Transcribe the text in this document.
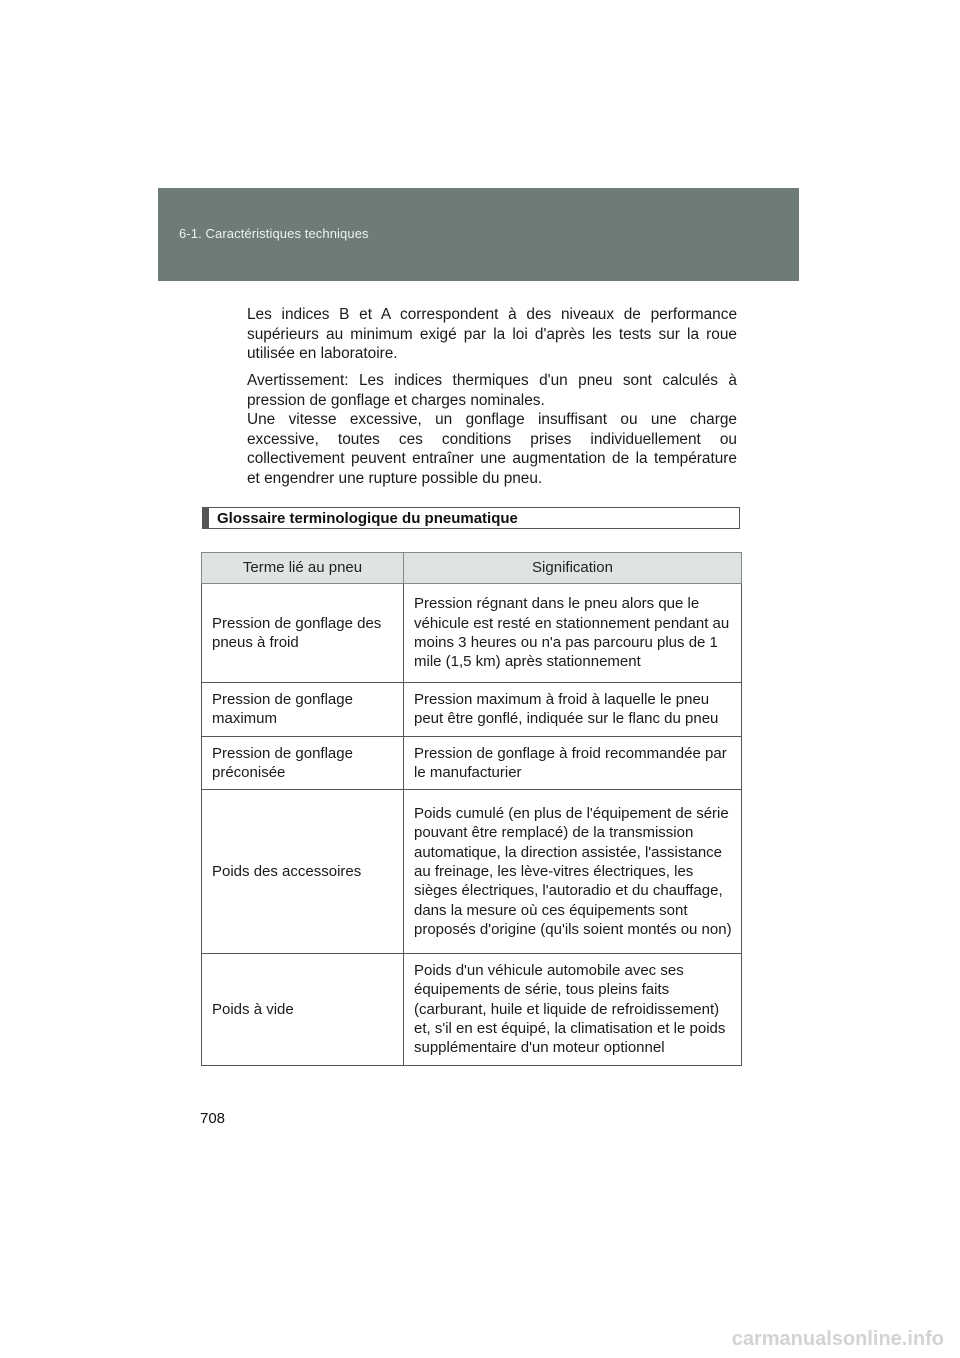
6-1. Caractéristiques techniques

Les indices B et A correspondent à des niveaux de performance supérieurs au minimum exigé par la loi d'après les tests sur la roue utilisée en laboratoire.

Avertissement: Les indices thermiques d'un pneu sont calculés à pression de gonflage et charges nominales.
Une vitesse excessive, un gonflage insuffisant ou une charge excessive, toutes ces conditions prises individuellement ou collectivement peuvent entraîner une augmentation de la température et engendrer une rupture possible du pneu.
Glossaire terminologique du pneumatique
Terme lié au pneu	Signification
Pression de gonflage des pneus à froid	Pression régnant dans le pneu alors que le véhicule est resté en stationnement pendant au moins 3 heures ou n'a pas parcouru plus de 1 mile (1,5 km) après stationnement
Pression de gonflage maximum	Pression maximum à froid à laquelle le pneu peut être gonflé, indiquée sur le flanc du pneu
Pression de gonflage préconisée	Pression de gonflage à froid recommandée par le manufacturier
Poids des accessoires	Poids cumulé (en plus de l'équipement de série pouvant être remplacé) de la transmission automatique, la direction assistée, l'assistance au freinage, les lève-vitres électriques, les sièges électriques, l'autoradio et du chauffage, dans la mesure où ces équipements sont proposés d'origine (qu'ils soient montés ou non)
Poids à vide	Poids d'un véhicule automobile avec ses équipements de série, tous pleins faits (carburant, huile et liquide de refroidissement) et, s'il en est équipé, la climatisation et le poids supplémentaire d'un moteur optionnel
708
carmanualsonline.info
